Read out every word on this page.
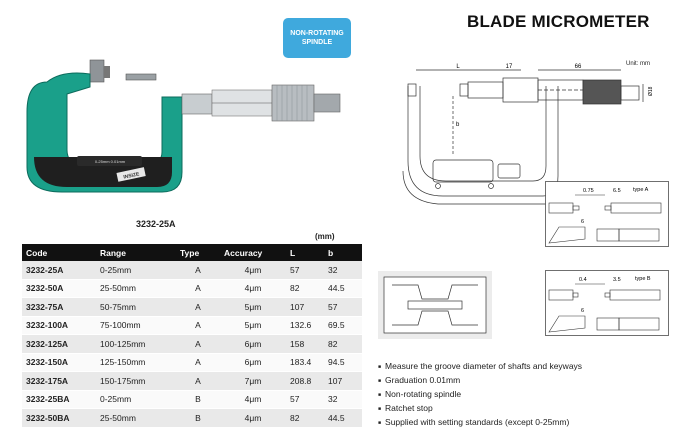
NON-ROTATING SPINDLE
BLADE MICROMETER
0-25mm 0.01mm
INSIZE
3232-25A
(mm)
Code	Range	Type	Accuracy	L	b
3232-25A	0-25mm	A	4μm	57	32
3232-50A	25-50mm	A	4μm	82	44.5
3232-75A	50-75mm	A	5μm	107	57
3232-100A	75-100mm	A	5μm	132.6	69.5
3232-125A	100-125mm	A	6μm	158	82
3232-150A	125-150mm	A	6μm	183.4	94.5
3232-175A	150-175mm	A	7μm	208.8	107
3232-25BA	0-25mm	B	4μm	57	32
3232-50BA	25-50mm	B	4μm	82	44.5
L	17	66
b
Ø18
Unit: mm
0.75	6.5 type A
6
0.4	3.5	type B
6
■ Measure the groove diameter of shafts and keyways
■ Graduation 0.01mm
■ Non-rotating spindle
■ Ratchet stop
■ Supplied with setting standards (except 0-25mm)
